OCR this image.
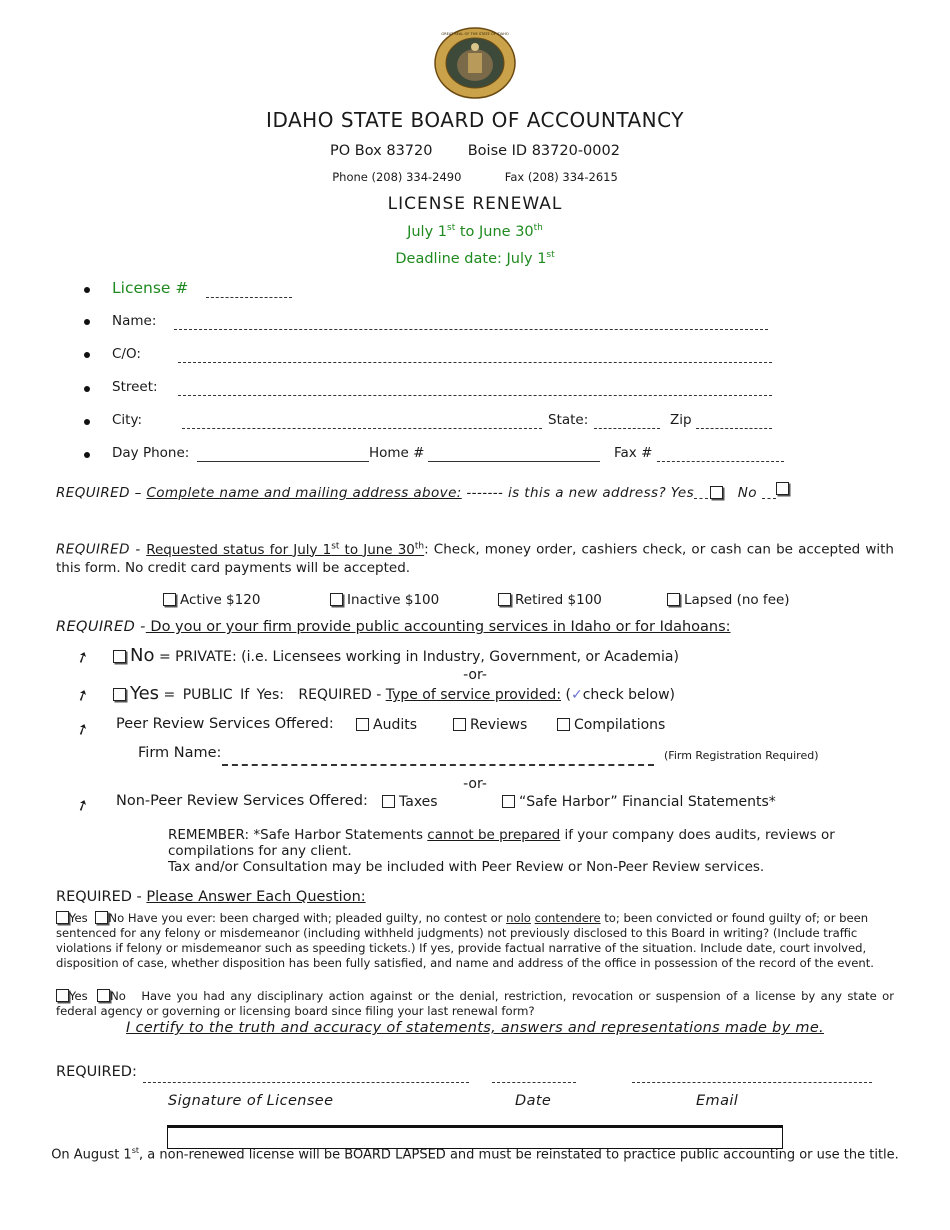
GREAT SEAL OF THE STATE OF IDAHO
IDAHO STATE BOARD OF ACCOUNTANCY
PO Box 83720 Boise ID 83720-0002
Phone (208) 334-2490	Fax (208) 334-2615
LICENSE RENEWAL
July 1st to June 30th
Deadline date: July 1st
License #
Name:
C/O:
Street:
City:	State:	Zip
Day Phone:	Home #	Fax #
REQUIRED – Complete name and mailing address above: ------- is this a new address? Yes	No
REQUIRED - Requested status for July 1st to June 30th: Check, money order, cashiers check, or cash can be accepted with this form. No credit card payments will be accepted.
Active $120	Inactive $100	Retired $100	Lapsed (no fee)
REQUIRED - Do you or your firm provide public accounting services in Idaho or for Idahoans:
➚	No = PRIVATE: (i.e. Licensees working in Industry, Government, or Academia)
-or-
➚	Yes = PUBLIC If Yes: REQUIRED - Type of service provided: (✓check below)
➚ Peer Review Services Offered:	Audits	Reviews	Compilations
Firm Name:	(Firm Registration Required)
-or-
➚ Non-Peer Review Services Offered:	Taxes	“Safe Harbor” Financial Statements*
REMEMBER: *Safe Harbor Statements cannot be prepared if your company does audits, reviews or compilations for any client.
Tax and/or Consultation may be included with Peer Review or Non-Peer Review services.
REQUIRED - Please Answer Each Question:
Yes No Have you ever: been charged with; pleaded guilty, no contest or nolo contendere to; been convicted or found guilty of; or been sentenced for any felony or misdemeanor (including withheld judgments) not previously disclosed to this Board in writing? (Include traffic violations if felony or misdemeanor such as speeding tickets.) If yes, provide factual narrative of the situation. Include date, court involved, disposition of case, whether disposition has been fully satisfied, and name and address of the office in possession of the record of the event.
Yes No Have you had any disciplinary action against or the denial, restriction, revocation or suspension of a license by any state or federal agency or governing or licensing board since filing your last renewal form?
I certify to the truth and accuracy of statements, answers and representations made by me.
REQUIRED:
Signature of Licensee	Date	Email
On August 1st, a non-renewed license will be BOARD LAPSED and must be reinstated to practice public accounting or use the title.
